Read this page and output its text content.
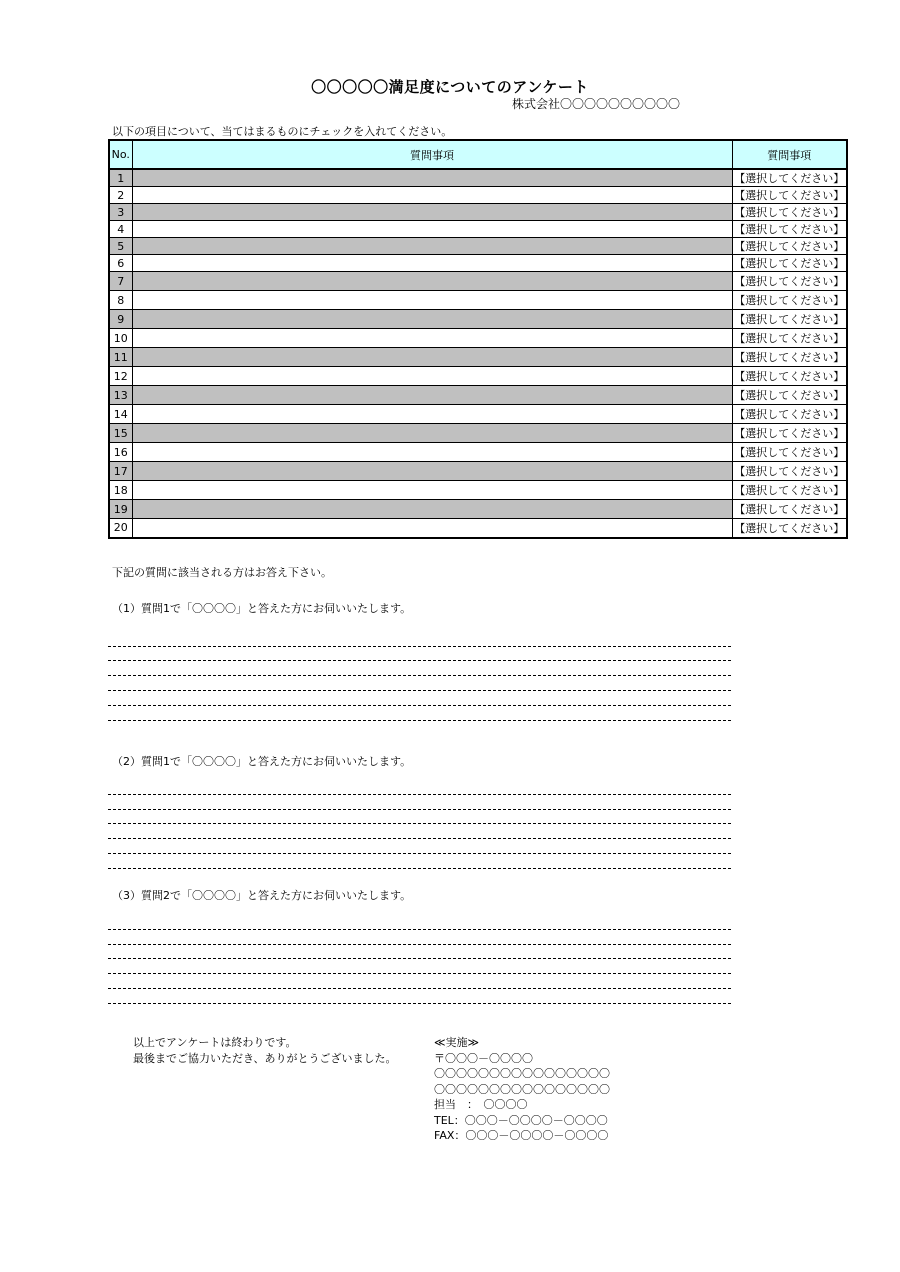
〇〇〇〇〇満足度についてのアンケート
株式会社〇〇〇〇〇〇〇〇〇〇
以下の項目について、当てはまるものにチェックを入れてください。
No.	質問事項	質問事項
1		【選択してください】
2		【選択してください】
3		【選択してください】
4		【選択してください】
5		【選択してください】
6		【選択してください】
7		【選択してください】
8		【選択してください】
9		【選択してください】
10		【選択してください】
11		【選択してください】
12		【選択してください】
13		【選択してください】
14		【選択してください】
15		【選択してください】
16		【選択してください】
17		【選択してください】
18		【選択してください】
19		【選択してください】
20		【選択してください】
下記の質問に該当される方はお答え下さい。
（1）質問1で「〇〇〇〇」と答えた方にお伺いいたします。
（2）質問1で「〇〇〇〇」と答えた方にお伺いいたします。
（3）質問2で「〇〇〇〇」と答えた方にお伺いいたします。
以上でアンケートは終わりです。
最後までご協力いただき、ありがとうございました。
≪実施≫
〒〇〇〇－〇〇〇〇
〇〇〇〇〇〇〇〇〇〇〇〇〇〇〇〇
〇〇〇〇〇〇〇〇〇〇〇〇〇〇〇〇
担当　：　〇〇〇〇
TEL：〇〇〇－〇〇〇〇－〇〇〇〇
FAX：〇〇〇－〇〇〇〇－〇〇〇〇
